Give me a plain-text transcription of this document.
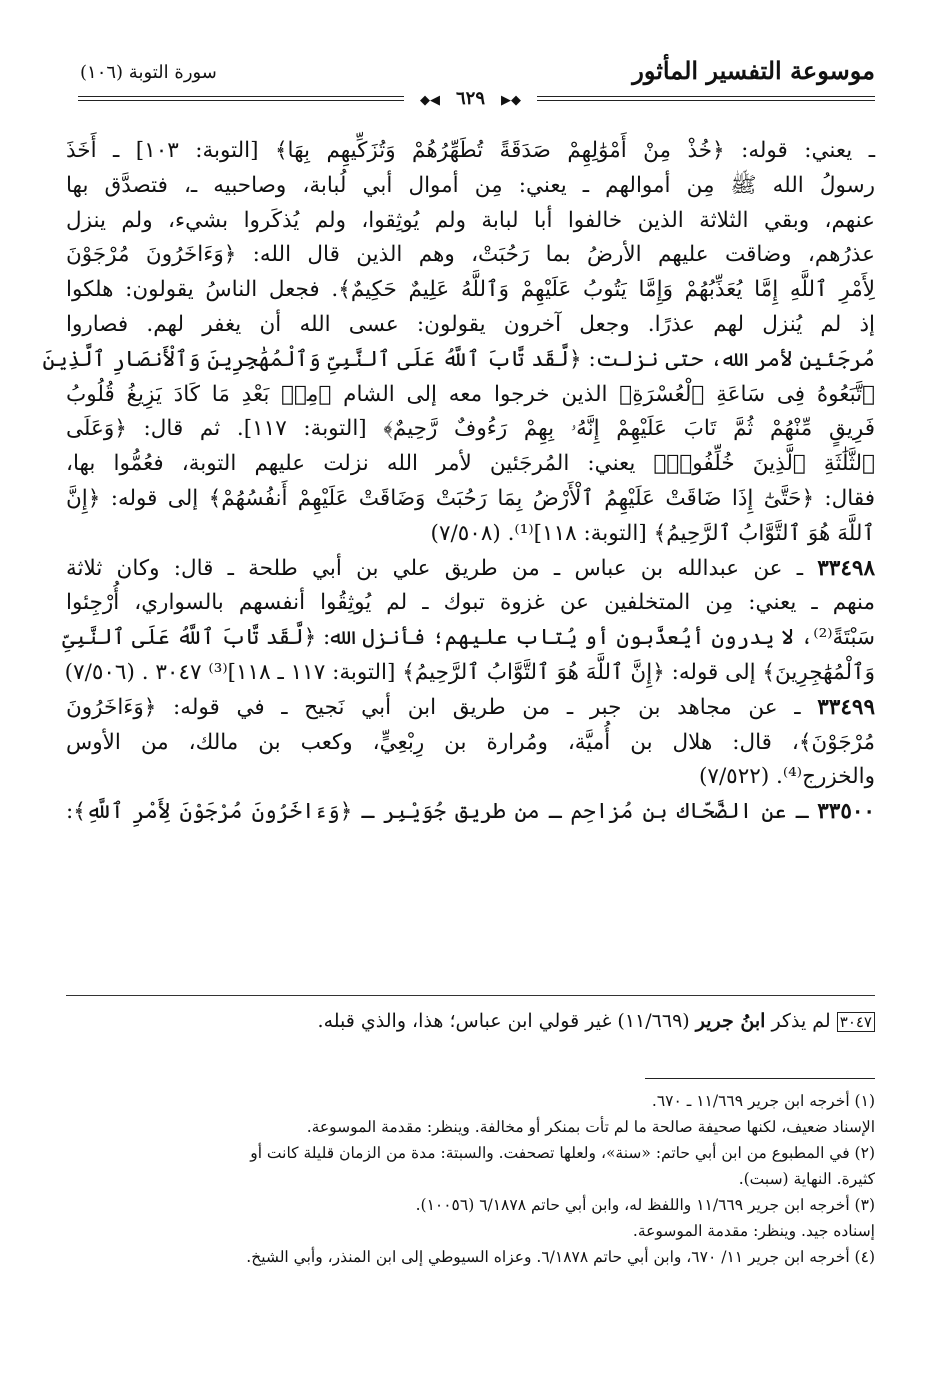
موسوعة التفسير المأثور
سورة التوبة (١٠٦)
◆◀ ٦٢٩ ▶◆
ـ يعني: قوله: ﴿خُذْ مِنْ أَمْوَٰلِهِمْ صَدَقَةً تُطَهِّرُهُمْ وَتُزَكِّيهِم بِهَا﴾ [التوبة: ١٠٣] ـ أَخَذَ
رسولُ الله ﷺ مِن أموالهم ـ يعني: مِن أموال أبي لُبابة، وصاحبيه ـ، فتصدَّق بها
عنهم، وبقي الثلاثة الذين خالفوا أبا لبابة ولم يُوثِقوا، ولم يُذكَروا بشيء، ولم ينزل
عذرُهم، وضاقت عليهم الأرضُ بما رَحُبَتْ، وهم الذين قال الله: ﴿وَءَاخَرُونَ مُرْجَوْنَ
لِأَمْرِ ٱللَّهِ إِمَّا يُعَذِّبُهُمْ وَإِمَّا يَتُوبُ عَلَيْهِمْ وَٱللَّهُ عَلِيمٌ حَكِيمٌ﴾. فجعل الناسُ يقولون: هلكوا
إذ لم يُنزل لهم عذرًا. وجعل آخرون يقولون: عسى الله أن يغفر لهم. فصاروا
مُرجَئين لأمر الله، حتى نزلت: ﴿لَّقَد تَّابَ ٱللَّهُ عَلَى ٱلنَّبِىِّ وَٱلْمُهَٰجِرِينَ وَٱلْأَنصَارِ ٱلَّذِينَ
ٱتَّبَعُوهُ فِى سَاعَةِ ٱلْعُسْرَةِ﴾ الذين خرجوا معه إلى الشام ﴿مِنۢ بَعْدِ مَا كَادَ يَزِيغُ قُلُوبُ
فَرِيقٍ مِّنْهُمْ ثُمَّ تَابَ عَلَيْهِمْ إِنَّهُۥ بِهِمْ رَءُوفٌ رَّحِيمٌ﴾ [التوبة: ١١٧]. ثم قال: ﴿وَعَلَى
ٱلثَّلَٰثَةِ ٱلَّذِينَ خُلِّفُوا۟﴾ يعني: المُرجَئين لأمر الله نزلت عليهم التوبة، فعُمُّوا بها،
فقال: ﴿حَتَّىٰٓ إِذَا ضَاقَتْ عَلَيْهِمُ ٱلْأَرْضُ بِمَا رَحُبَتْ وَضَاقَتْ عَلَيْهِمْ أَنفُسُهُمْ﴾ إلى قوله: ﴿إِنَّ
ٱللَّهَ هُوَ ٱلتَّوَّابُ ٱلرَّحِيمُ﴾ [التوبة: ١١٨]⁽¹⁾. (٧/٥٠٨)
٣٣٤٩٨ ـ عن عبدالله بن عباس ـ من طريق علي بن أبي طلحة ـ قال: وكان ثلاثة
منهم ـ يعني: مِن المتخلفين عن غزوة تبوك ـ لم يُوثِقُوا أنفسهم بالسواري، أُرْجِئوا
سَبْتَةً⁽²⁾، لا يدرون أيُعذَّبون أو يُتاب عليهم؛ فأنزل الله: ﴿لَّقَد تَّابَ ٱللَّهُ عَلَى ٱلنَّبِىِّ
وَٱلْمُهَٰجِرِينَ﴾ إلى قوله: ﴿إِنَّ ٱللَّهَ هُوَ ٱلتَّوَّابُ ٱلرَّحِيمُ﴾ [التوبة: ١١٧ ـ ١١٨]⁽³⁾ ٣٠٤٧ . (٧/٥٠٦)
٣٣٤٩٩ ـ عن مجاهد بن جبر ـ من طريق ابن أبي نَجيح ـ في قوله: ﴿وَءَاخَرُونَ
مُرْجَوْنَ﴾، قال: هلال بن أُميَّة، ومُرارة بن رِبْعِيٍّ، وكعب بن مالك، من الأوس
والخزرج⁽⁴⁾. (٧/٥٢٢)
٣٣٥٠٠ ـ عن الضَّحّاك بن مُزاحِم ـ من طريق جُوَيْبِر ـ ﴿وَءَاخَرُونَ مُرْجَوْنَ لِأَمْرِ ٱللَّهِ﴾:
٣٠٤٧ لم يذكر ابنُ جرير (١١/٦٦٩) غير قولي ابن عباس؛ هذا، والذي قبله.
(١) أخرجه ابن جرير ١١/٦٦٩ ـ ٦٧٠.
الإسناد ضعيف، لكنها صحيفة صالحة ما لم تأت بمنكر أو مخالفة. وينظر: مقدمة الموسوعة.
(٢) في المطبوع من ابن أبي حاتم: «سنة»، ولعلها تصحفت. والسبتة: مدة من الزمان قليلة كانت أو
كثيرة. النهاية (سبت).
(٣) أخرجه ابن جرير ١١/٦٦٩ واللفظ له، وابن أبي حاتم ٦/١٨٧٨ (١٠٠٥٦).
إسناده جيد. وينظر: مقدمة الموسوعة.
(٤) أخرجه ابن جرير ١١/ ٦٧٠، وابن أبي حاتم ٦/١٨٧٨. وعزاه السيوطي إلى ابن المنذر، وأبي الشيخ.
